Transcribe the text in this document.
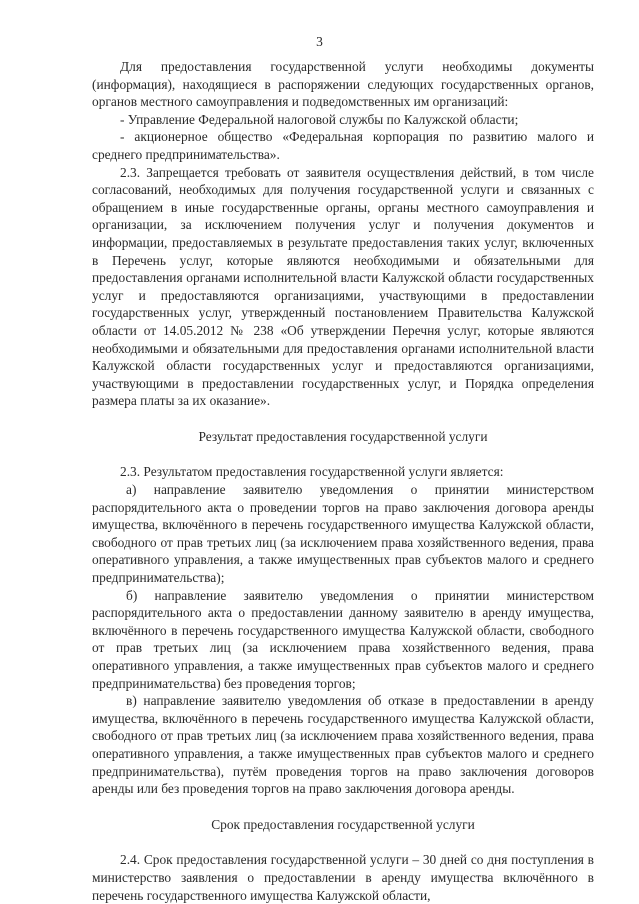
3

Для предоставления государственной услуги необходимы документы (информация), находящиеся в распоряжении следующих государственных органов, органов местного самоуправления и подведомственных им организаций:

- Управление Федеральной налоговой службы по Калужской области;

- акционерное общество «Федеральная корпорация по развитию малого и среднего предпринимательства».

2.3. Запрещается требовать от заявителя осуществления действий, в том числе согласований, необходимых для получения государственной услуги и связанных с обращением в иные государственные органы, органы местного самоуправления и организации, за исключением получения услуг и получения документов и информации, предоставляемых в результате предоставления таких услуг, включенных в Перечень услуг, которые являются необходимыми и обязательными для предоставления органами исполнительной власти Калужской области государственных услуг и предоставляются организациями, участвующими в предоставлении государственных услуг, утвержденный постановлением Правительства Калужской области от 14.05.2012 № 238 «Об утверждении Перечня услуг, которые являются необходимыми и обязательными для предоставления органами исполнительной власти Калужской области государственных услуг и предоставляются организациями, участвующими в предоставлении государственных услуг, и Порядка определения размера платы за их оказание».

Результат предоставления государственной услуги

2.3. Результатом предоставления государственной услуги является:

а) направление заявителю уведомления о принятии министерством распорядительного акта о проведении торгов на право заключения договора аренды имущества, включённого в перечень государственного имущества Калужской области, свободного от прав третьих лиц (за исключением права хозяйственного ведения, права оперативного управления, а также имущественных прав субъектов малого и среднего предпринимательства);

б) направление заявителю уведомления о принятии министерством распорядительного акта о предоставлении данному заявителю в аренду имущества, включённого в перечень государственного имущества Калужской области, свободного от прав третьих лиц (за исключением права хозяйственного ведения, права оперативного управления, а также имущественных прав субъектов малого и среднего предпринимательства) без проведения торгов;

в) направление заявителю уведомления об отказе в предоставлении в аренду имущества, включённого в перечень государственного имущества Калужской области, свободного от прав третьих лиц (за исключением права хозяйственного ведения, права оперативного управления, а также имущественных прав субъектов малого и среднего предпринимательства), путём проведения торгов на право заключения договоров аренды или без проведения торгов на право заключения договора аренды.

Срок предоставления государственной услуги

2.4. Срок предоставления государственной услуги – 30 дней со дня поступления в министерство заявления о предоставлении в аренду имущества включённого в перечень государственного имущества Калужской области,
